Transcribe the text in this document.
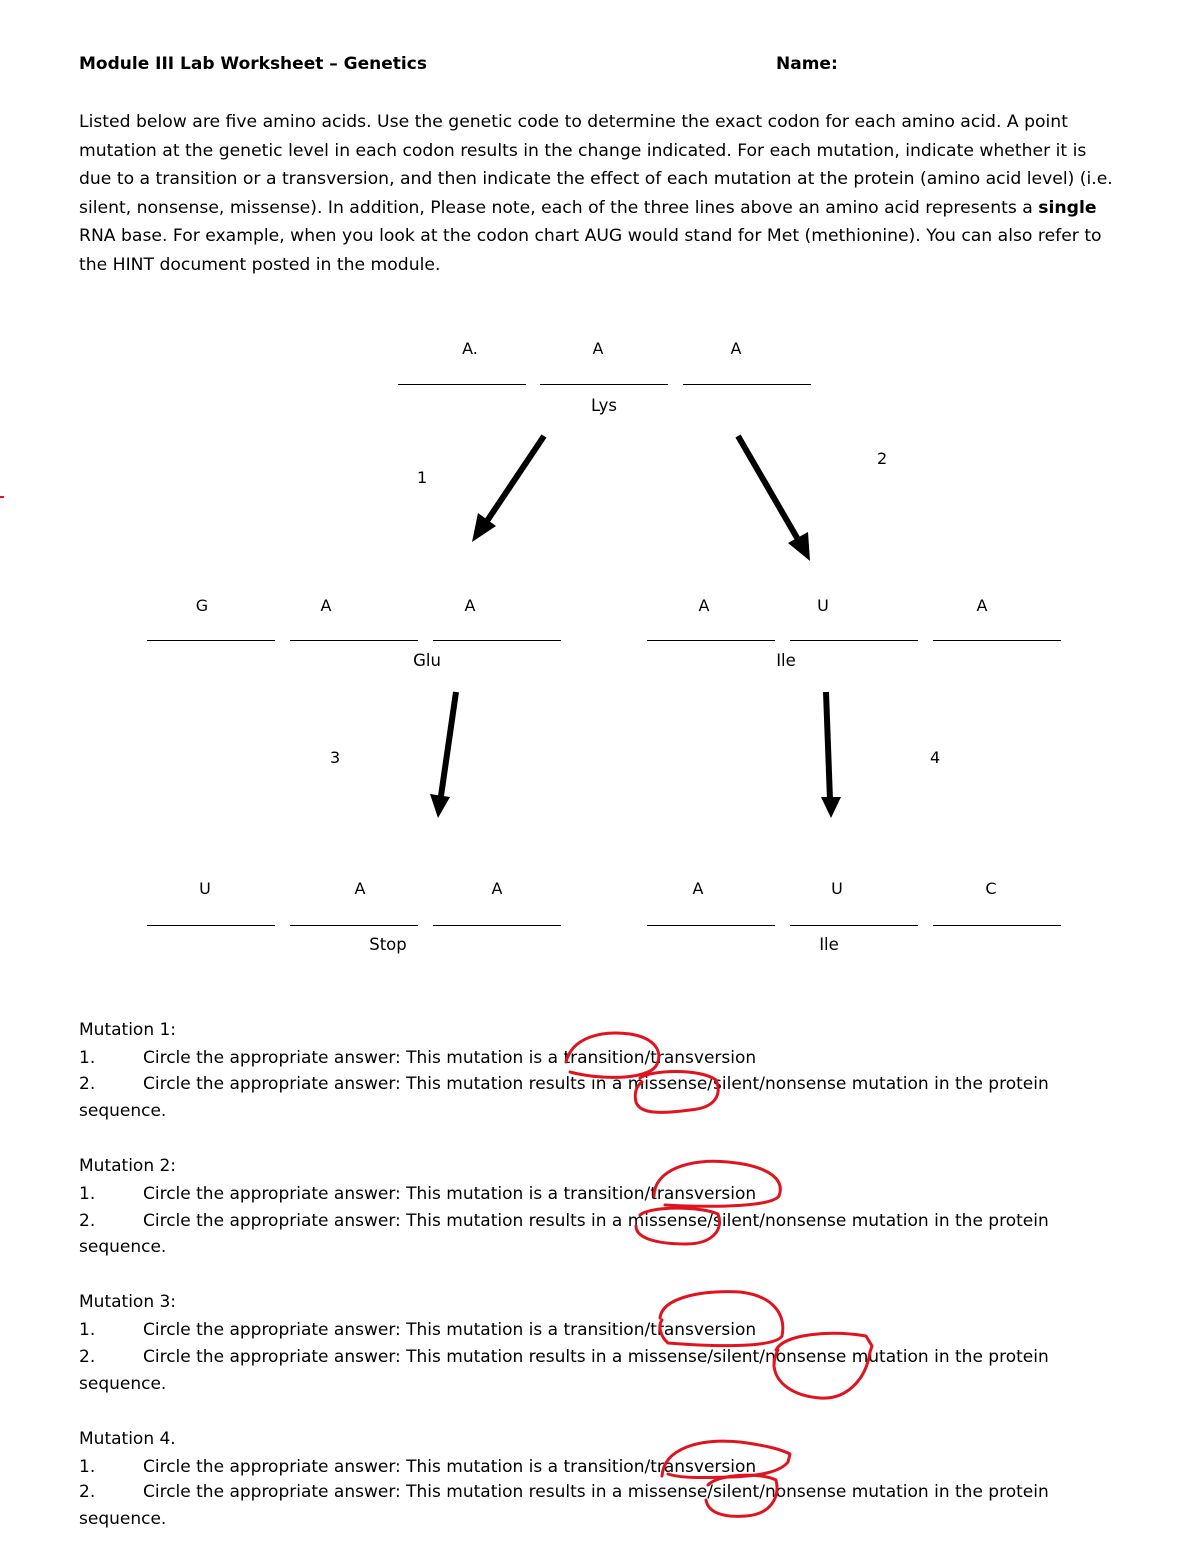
Module III Lab Worksheet – Genetics	Name:
Listed below are five amino acids. Use the genetic code to determine the exact codon for each amino acid. A point mutation at the genetic level in each codon results in the change indicated. For each mutation, indicate whether it is due to a transition or a transversion, and then indicate the effect of each mutation at the protein (amino acid level) (i.e. silent, nonsense, missense). In addition, Please note, each of the three lines above an amino acid represents a single RNA base. For example, when you look at the codon chart AUG would stand for Met (methionine). You can also refer to the HINT document posted in the module.
A.	A	A
Lys
1
2
3	4
G	A	A
Glu
A	U	A
Ile
U	A	A
Stop
A	U	C
Ile
Mutation 1:
1.	Circle the appropriate answer: This mutation is a transition/transversion
2.	Circle the appropriate answer: This mutation results in a missense/silent/nonsense mutation in the protein
sequence.
Mutation 2:
1.	Circle the appropriate answer: This mutation is a transition/transversion
2.	Circle the appropriate answer: This mutation results in a missense/silent/nonsense mutation in the protein
sequence.
Mutation 3:
1.	Circle the appropriate answer: This mutation is a transition/transversion
2.	Circle the appropriate answer: This mutation results in a missense/silent/nonsense mutation in the protein
sequence.
Mutation 4.
1.	Circle the appropriate answer: This mutation is a transition/transversion
2.	Circle the appropriate answer: This mutation results in a missense/silent/nonsense mutation in the protein
sequence.
